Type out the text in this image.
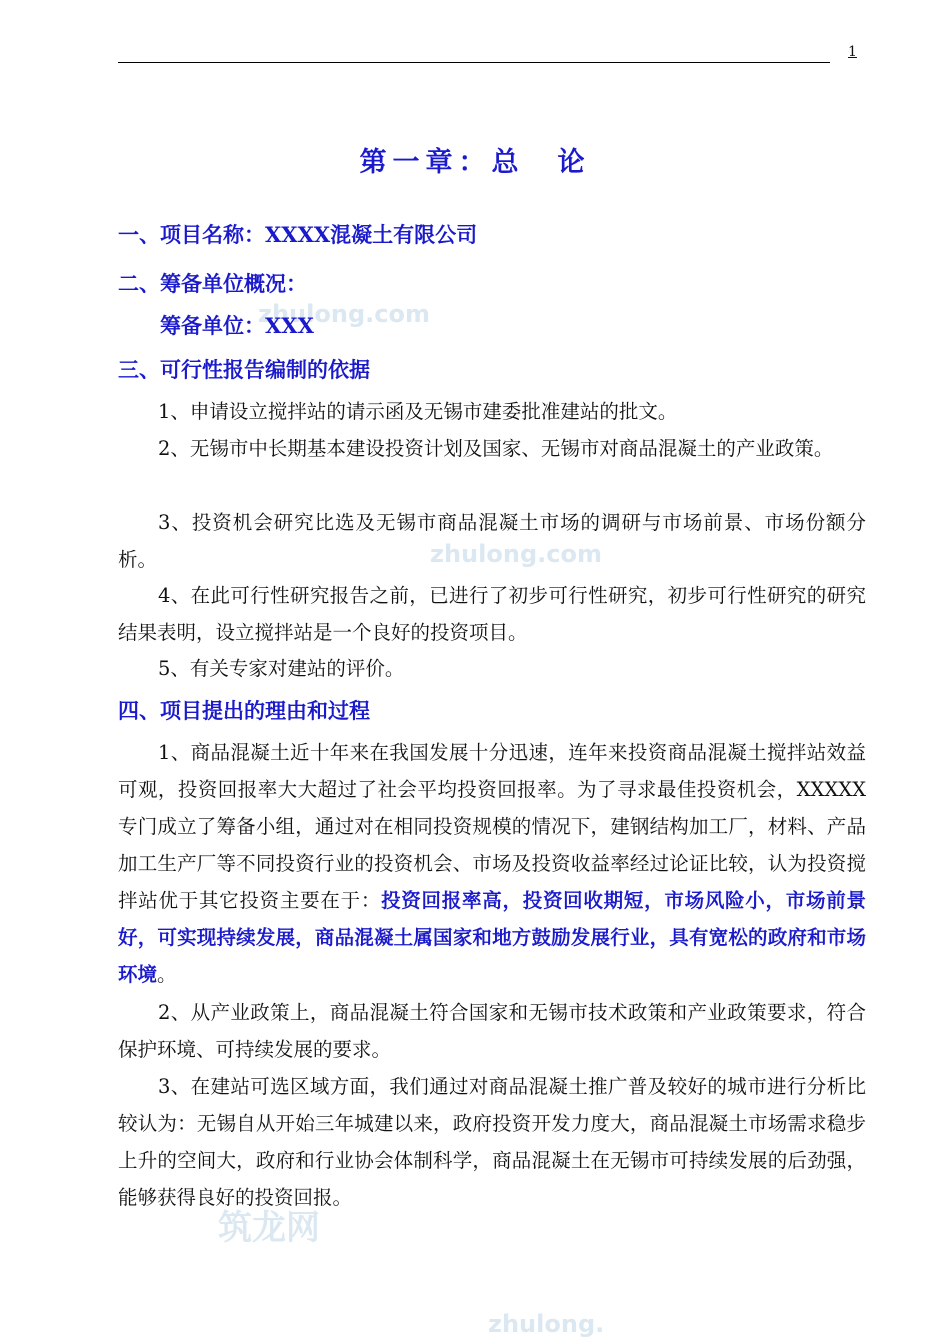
1
zhulong.com
zhulong.com
筑龙网
zhulong.
第一章：总　论
一、项目名称：XXXX混凝土有限公司
二、筹备单位概况：
筹备单位：XXX
三、可行性报告编制的依据
1、申请设立搅拌站的请示函及无锡市建委批准建站的批文。
2、无锡市中长期基本建设投资计划及国家、无锡市对商品混凝土的产业政策。
3、投资机会研究比选及无锡市商品混凝土市场的调研与市场前景、市场份额分析。
4、在此可行性研究报告之前，已进行了初步可行性研究，初步可行性研究的研究结果表明，设立搅拌站是一个良好的投资项目。
5、有关专家对建站的评价。
四、项目提出的理由和过程
1、商品混凝土近十年来在我国发展十分迅速，连年来投资商品混凝土搅拌站效益可观，投资回报率大大超过了社会平均投资回报率。为了寻求最佳投资机会，XXXXX专门成立了筹备小组，通过对在相同投资规模的情况下，建钢结构加工厂，材料、产品加工生产厂等不同投资行业的投资机会、市场及投资收益率经过论证比较，认为投资搅拌站优于其它投资主要在于：投资回报率高，投资回收期短，市场风险小，市场前景好，可实现持续发展，商品混凝土属国家和地方鼓励发展行业，具有宽松的政府和市场环境。
2、从产业政策上，商品混凝土符合国家和无锡市技术政策和产业政策要求，符合保护环境、可持续发展的要求。
3、在建站可选区域方面，我们通过对商品混凝土推广普及较好的城市进行分析比较认为：无锡自从开始三年城建以来，政府投资开发力度大，商品混凝土市场需求稳步上升的空间大，政府和行业协会体制科学，商品混凝土在无锡市可持续发展的后劲强，能够获得良好的投资回报。
